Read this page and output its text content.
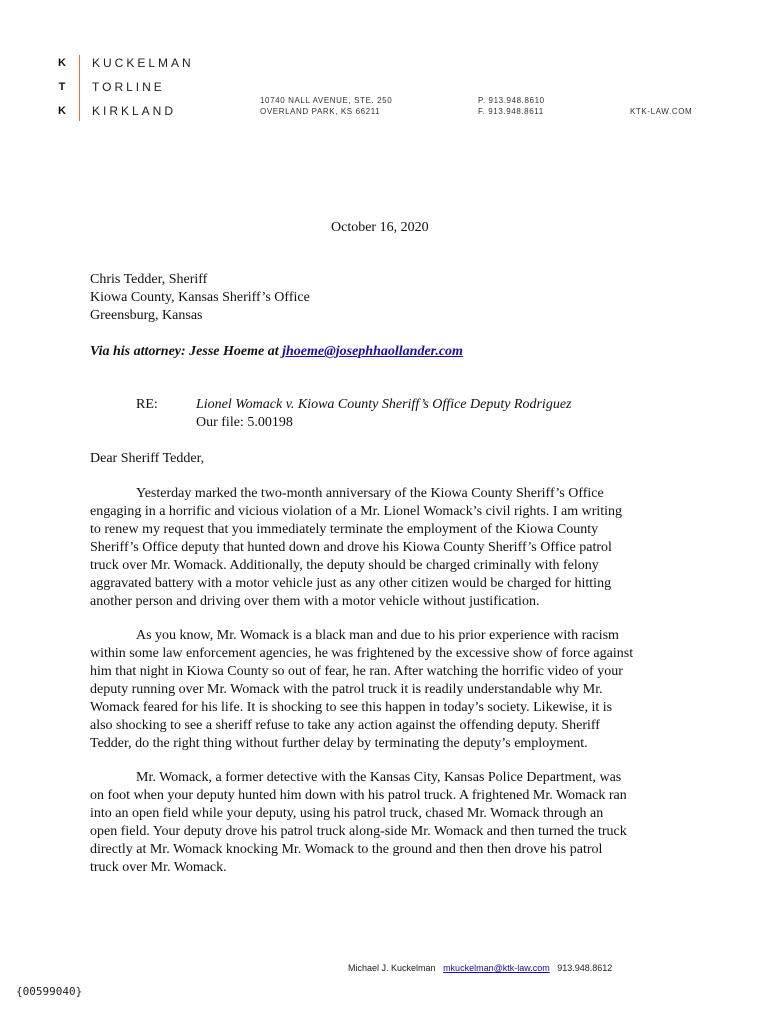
K
T
K
KUCKELMAN
TORLINE
KIRKLAND
10740 NALL AVENUE, STE. 250
OVERLAND PARK, KS 66211
P. 913.948.8610
F. 913.948.8611	KTK-LAW.COM
October 16, 2020
Chris Tedder, Sheriff
Kiowa County, Kansas Sheriff’s Office
Greensburg, Kansas
Via his attorney: Jesse Hoeme at jhoeme@josephhaollander.com
RE:	Lionel Womack v. Kiowa County Sheriff’s Office Deputy Rodriguez
Our file: 5.00198
Dear Sheriff Tedder,
Yesterday marked the two-month anniversary of the Kiowa County Sheriff’s Office
engaging in a horrific and vicious violation of a Mr. Lionel Womack’s civil rights. I am writing
to renew my request that you immediately terminate the employment of the Kiowa County
Sheriff’s Office deputy that hunted down and drove his Kiowa County Sheriff’s Office patrol
truck over Mr. Womack. Additionally, the deputy should be charged criminally with felony
aggravated battery with a motor vehicle just as any other citizen would be charged for hitting
another person and driving over them with a motor vehicle without justification.
As you know, Mr. Womack is a black man and due to his prior experience with racism
within some law enforcement agencies, he was frightened by the excessive show of force against
him that night in Kiowa County so out of fear, he ran. After watching the horrific video of your
deputy running over Mr. Womack with the patrol truck it is readily understandable why Mr.
Womack feared for his life. It is shocking to see this happen in today’s society. Likewise, it is
also shocking to see a sheriff refuse to take any action against the offending deputy. Sheriff
Tedder, do the right thing without further delay by terminating the deputy’s employment.
Mr. Womack, a former detective with the Kansas City, Kansas Police Department, was
on foot when your deputy hunted him down with his patrol truck. A frightened Mr. Womack ran
into an open field while your deputy, using his patrol truck, chased Mr. Womack through an
open field. Your deputy drove his patrol truck along-side Mr. Womack and then turned the truck
directly at Mr. Womack knocking Mr. Womack to the ground and then then drove his patrol
truck over Mr. Womack.
Michael J. Kuckelman mkuckelman@ktk-law.com 913.948.8612
{00599040}
